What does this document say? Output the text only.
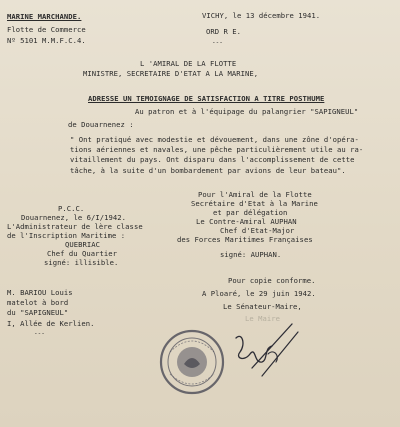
MARINE MARCHANDE.
Flotte de Commerce
Nº 5101 M.M.F.C.4.
VICHY, le 13 décembre 1941.
ORD R E.
---
L 'AMIRAL DE LA FLOTTE
MINISTRE, SECRETAIRE D'ETAT A LA MARINE,
ADRESSE UN TEMOIGNAGE DE SATISFACTION A TITRE POSTHUME
Au patron et à l'équipage du palangrier "SAPIGNEUL"
de Douarnenez :
" Ont pratiqué avec modestie et dévouement, dans une zône d'opéra-
tions aériennes et navales, une pêche particulièrement utile au ra-
vitaillement du pays. Ont disparu dans l'accomplissement de cette
tâche, à la suite d'un bombardement par avions de leur bateau".
Pour l'Amiral de la Flotte
Secrétaire d'Etat à la Marine
et par délégation
Le Contre-Amiral AUPHAN
Chef d'Etat-Major
des Forces Maritimes Françaises
signé: AUPHAN.
P.C.C.
Douarnenez, le 6/I/1942.
L'Administrateur de lère classe
de l'Inscription Maritime :
QUEBRIAC
Chef du Quartier
signé: illisible.
M. BARIOU Louis
matelot à bord
du "SAPIGNEUL"
I, Allée de Kerlien.
---
Pour copie conforme.
A Ploaré, le 29 juin 1942.
Le Sénateur-Maire,
Le Maire
